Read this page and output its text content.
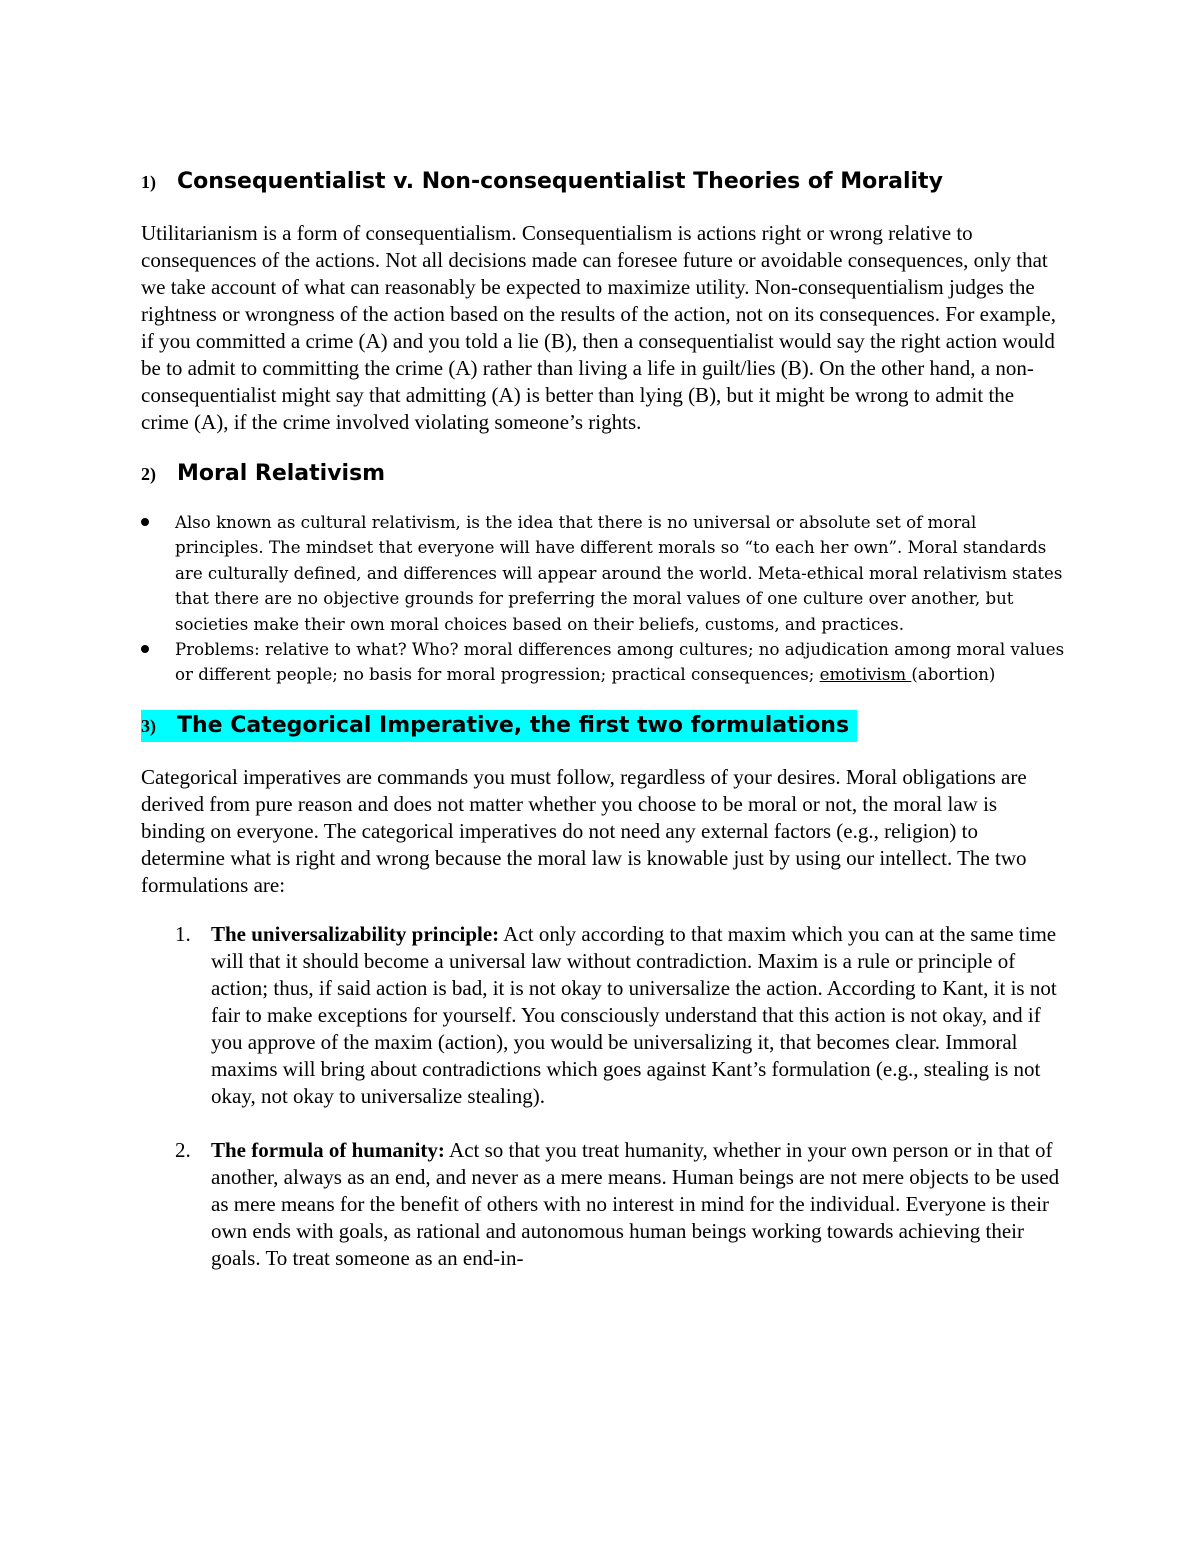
1) Consequentialist v. Non-consequentialist Theories of Morality

Utilitarianism is a form of consequentialism. Consequentialism is actions right or wrong relative to consequences of the actions. Not all decisions made can foresee future or avoidable consequences, only that we take account of what can reasonably be expected to maximize utility. Non-consequentialism judges the rightness or wrongness of the action based on the results of the action, not on its consequences. For example, if you committed a crime (A) and you told a lie (B), then a consequentialist would say the right action would be to admit to committing the crime (A) rather than living a life in guilt/lies (B). On the other hand, a non-consequentialist might say that admitting (A) is better than lying (B), but it might be wrong to admit the crime (A), if the crime involved violating someone’s rights.

2) Moral Relativism
Also known as cultural relativism, is the idea that there is no universal or absolute set of moral principles. The mindset that everyone will have different morals so “to each her own”. Moral standards are culturally defined, and differences will appear around the world. Meta-ethical moral relativism states that there are no objective grounds for preferring the moral values of one culture over another, but societies make their own moral choices based on their beliefs, customs, and practices.
Problems: relative to what? Who? moral differences among cultures; no adjudication among moral values or different people; no basis for moral progression; practical consequences; emotivism (abortion)
3) The Categorical Imperative, the first two formulations

Categorical imperatives are commands you must follow, regardless of your desires. Moral obligations are derived from pure reason and does not matter whether you choose to be moral or not, the moral law is binding on everyone. The categorical imperatives do not need any external factors (e.g., religion) to determine what is right and wrong because the moral law is knowable just by using our intellect. The two formulations are:

1. The universalizability principle: Act only according to that maxim which you can at the same time will that it should become a universal law without contradiction. Maxim is a rule or principle of action; thus, if said action is bad, it is not okay to universalize the action. According to Kant, it is not fair to make exceptions for yourself. You consciously understand that this action is not okay, and if you approve of the maxim (action), you would be universalizing it, that becomes clear. Immoral maxims will bring about contradictions which goes against Kant’s formulation (e.g., stealing is not okay, not okay to universalize stealing).
2. The formula of humanity: Act so that you treat humanity, whether in your own person or in that of another, always as an end, and never as a mere means. Human beings are not mere objects to be used as mere means for the benefit of others with no interest in mind for the individual. Everyone is their own ends with goals, as rational and autonomous human beings working towards achieving their goals. To treat someone as an end-in-
